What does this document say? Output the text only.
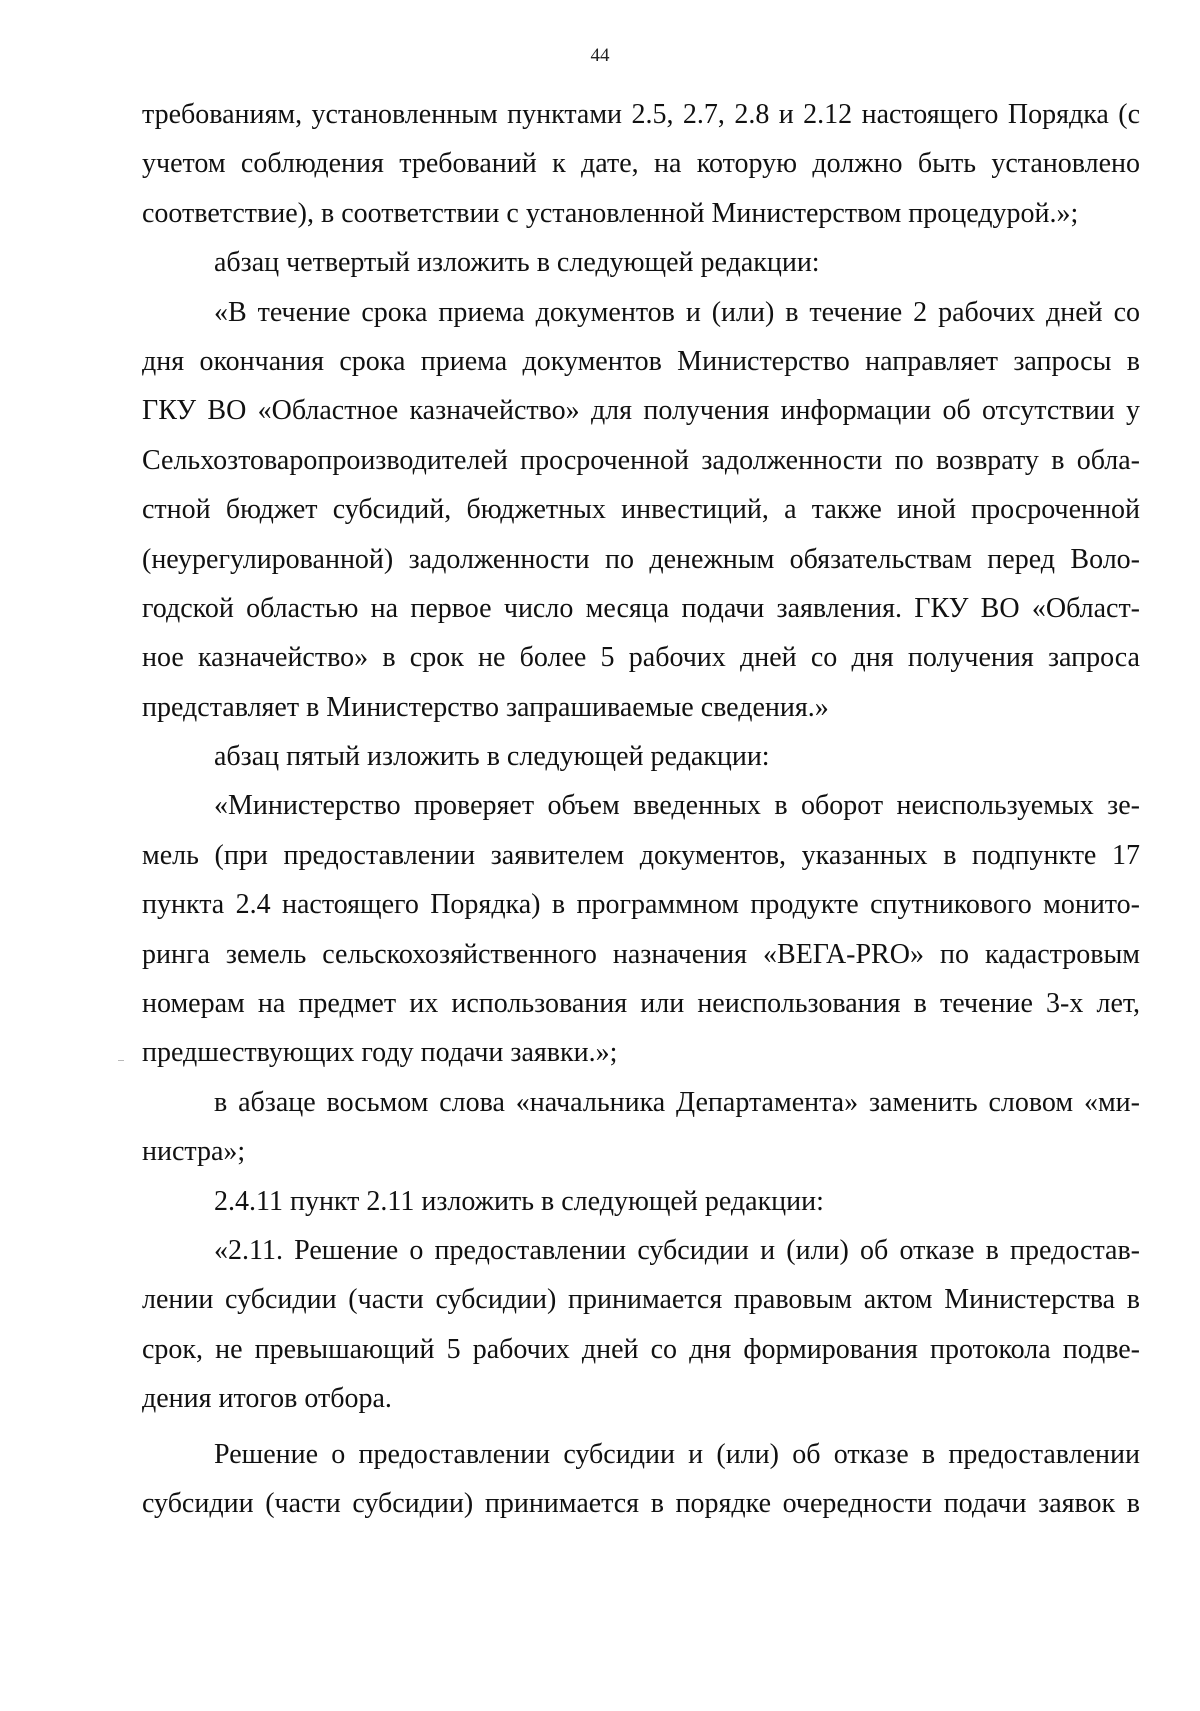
44
требованиям, установленным пунктами 2.5, 2.7, 2.8 и 2.12 настоящего Порядка (с
учетом соблюдения требований к дате, на которую должно быть установлено
соответствие), в соответствии с установленной Министерством процедурой.»;
абзац четвертый изложить в следующей редакции:
«В течение срока приема документов и (или) в течение 2 рабочих дней со
дня окончания срока приема документов Министерство направляет запросы в
ГКУ ВО «Областное казначейство» для получения информации об отсутствии у
Сельхозтоваропроизводителей просроченной задолженности по возврату в обла-
стной бюджет субсидий, бюджетных инвестиций, а также иной просроченной
(неурегулированной) задолженности по денежным обязательствам перед Воло-
годской областью на первое число месяца подачи заявления. ГКУ ВО «Област-
ное казначейство» в срок не более 5 рабочих дней со дня получения запроса
представляет в Министерство запрашиваемые сведения.»
абзац пятый изложить в следующей редакции:
«Министерство проверяет объем введенных в оборот неиспользуемых зе-
мель (при предоставлении заявителем документов, указанных в подпункте 17
пункта 2.4 настоящего Порядка) в программном продукте спутникового монито-
ринга земель сельскохозяйственного назначения «ВЕГА-PRO» по кадастровым
номерам на предмет их использования или неиспользования в течение 3-х лет,
предшествующих году подачи заявки.»;
в абзаце восьмом слова «начальника Департамента» заменить словом «ми-
нистра»;
2.4.11 пункт 2.11 изложить в следующей редакции:
«2.11. Решение о предоставлении субсидии и (или) об отказе в предостав-
лении субсидии (части субсидии) принимается правовым актом Министерства в
срок, не превышающий 5 рабочих дней со дня формирования протокола подве-
дения итогов отбора.
Решение о предоставлении субсидии и (или) об отказе в предоставлении
субсидии (части субсидии) принимается в порядке очередности подачи заявок в
